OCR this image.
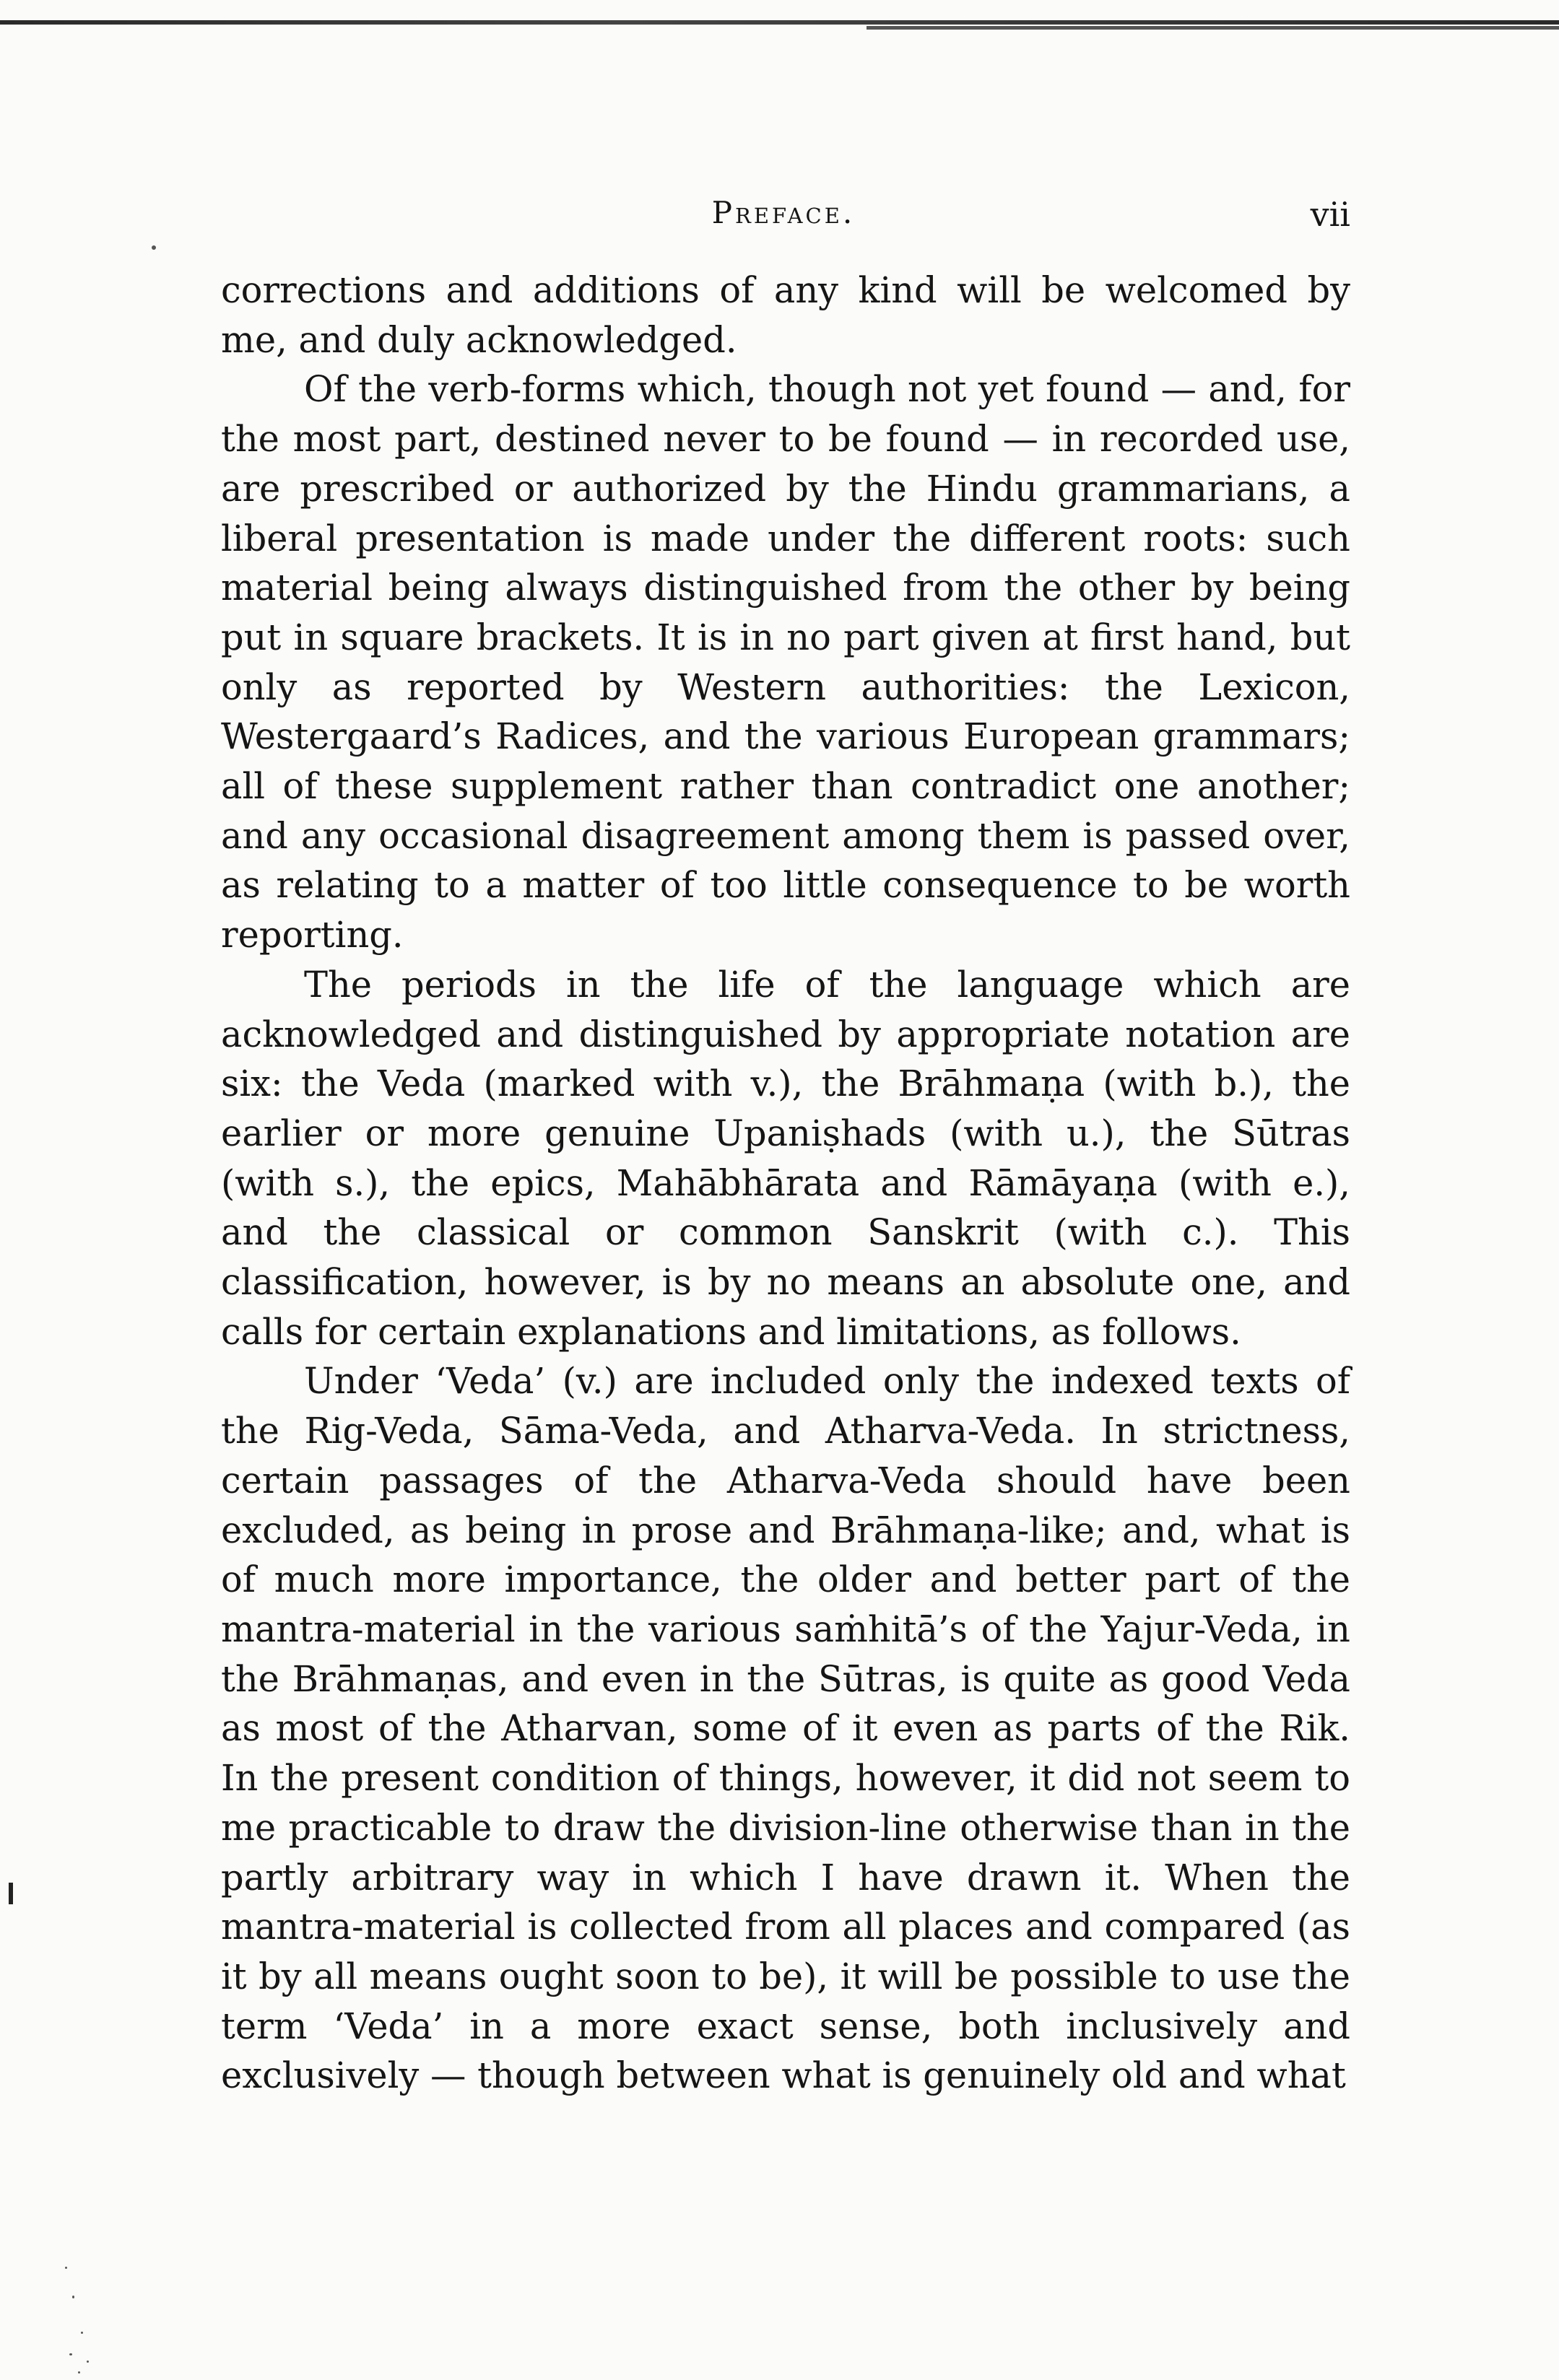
Preface.	vii

corrections and additions of any kind will be welcomed by me, and duly acknowledged.

Of the verb-forms which, though not yet found — and, for the most part, destined never to be found — in recorded use, are prescribed or authorized by the Hindu grammarians, a liberal presentation is made under the different roots: such material being always distinguished from the other by being put in square brackets. It is in no part given at first hand, but only as reported by Western authorities: the Lexicon, Westergaard’s Radices, and the various European grammars; all of these supplement rather than contradict one another; and any occasional disagreement among them is passed over, as relating to a matter of too little consequence to be worth reporting.

The periods in the life of the language which are acknowledged and distinguished by appropriate notation are six: the Veda (marked with v.), the Brāhmaṇa (with b.), the earlier or more genuine Upaniṣhads (with u.), the Sūtras (with s.), the epics, Mahābhārata and Rāmāyaṇa (with e.), and the classical or common Sanskrit (with c.). This classification, however, is by no means an absolute one, and calls for certain explanations and limitations, as follows.

Under ‘Veda’ (v.) are included only the indexed texts of the Rig-Veda, Sāma-Veda, and Atharva-Veda. In strictness, certain passages of the Atharva-Veda should have been excluded, as being in prose and Brāhmaṇa-like; and, what is of much more importance, the older and better part of the mantra-material in the various saṁhitā’s of the Yajur-Veda, in the Brāhmaṇas, and even in the Sūtras, is quite as good Veda as most of the Atharvan, some of it even as parts of the Rik. In the present condition of things, however, it did not seem to me practicable to draw the division-line otherwise than in the partly arbitrary way in which I have drawn it. When the mantra-material is collected from all places and compared (as it by all means ought soon to be), it will be possible to use the term ‘Veda’ in a more exact sense, both inclusively and exclusively — though between what is genuinely old and what
